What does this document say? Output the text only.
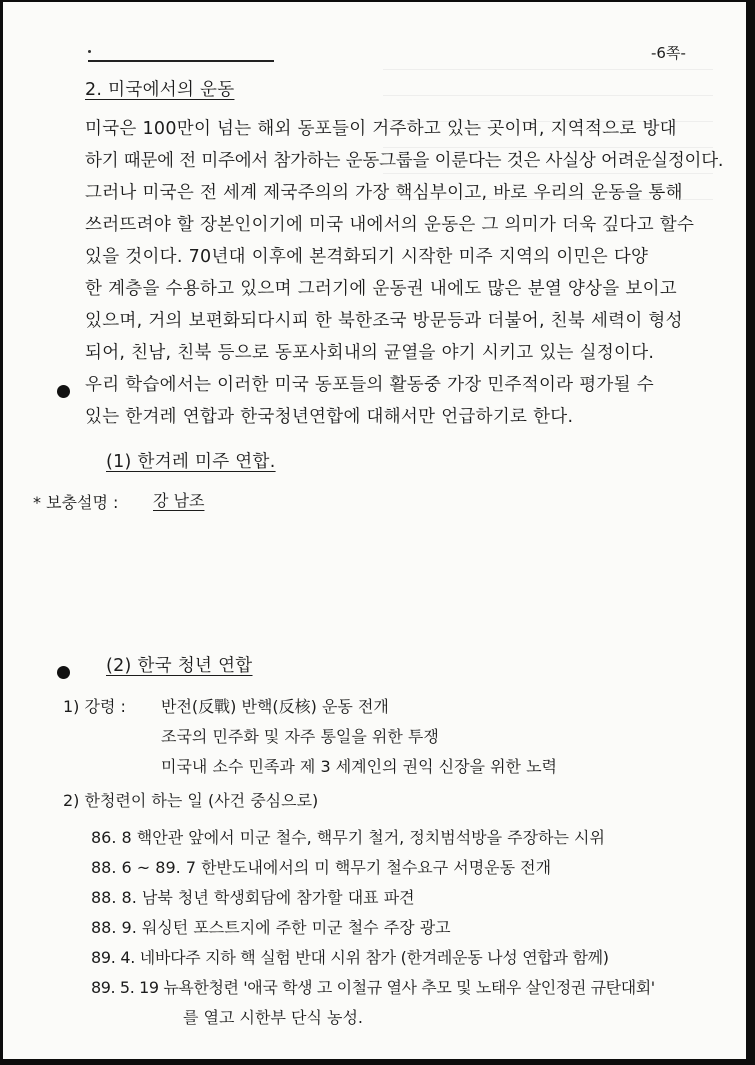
-6쪽-
2. 미국에서의 운동
미국은 100만이 넘는 해외 동포들이 거주하고 있는 곳이며, 지역적으로 방대
하기 때문에 전 미주에서 참가하는 운동그룹을 이룬다는 것은 사실상 어려운실정이다.
그러나 미국은 전 세계 제국주의의 가장 핵심부이고, 바로 우리의 운동을 통해
쓰러뜨려야 할 장본인이기에 미국 내에서의 운동은 그 의미가 더욱 깊다고 할수
있을 것이다. 70년대 이후에 본격화되기 시작한 미주 지역의 이민은 다양
한 계층을 수용하고 있으며 그러기에 운동권 내에도 많은 분열 양상을 보이고
있으며, 거의 보편화되다시피 한 북한조국 방문등과 더불어, 친북 세력이 형성
되어, 친남, 친북 등으로 동포사회내의 균열을 야기 시키고 있는 실정이다.
우리 학습에서는 이러한 미국 동포들의 활동중 가장 민주적이라 평가될 수
있는 한겨레 연합과 한국청년연합에 대해서만 언급하기로 한다.
(1) 한겨레 미주 연합.
* 보충설명 : 강 남조
(2) 한국 청년 연합
1) 강령 : 반전(反戰) 반핵(反核) 운동 전개
조국의 민주화 및 자주 통일을 위한 투쟁
미국내 소수 민족과 제 3 세계인의 권익 신장을 위한 노력
2) 한청련이 하는 일 (사건 중심으로)
86. 8 핵안관 앞에서 미군 철수, 핵무기 철거, 정치범석방을 주장하는 시위
88. 6 ~ 89. 7 한반도내에서의 미 핵무기 철수요구 서명운동 전개
88. 8. 남북 청년 학생회담에 참가할 대표 파견
88. 9. 워싱턴 포스트지에 주한 미군 철수 주장 광고
89. 4. 네바다주 지하 핵 실험 반대 시위 참가 (한겨레운동 나성 연합과 함께)
89. 5. 19 뉴욕한청련 '애국 학생 고 이철규 열사 추모 및 노태우 살인정권 규탄대회'
를 열고 시한부 단식 농성.
